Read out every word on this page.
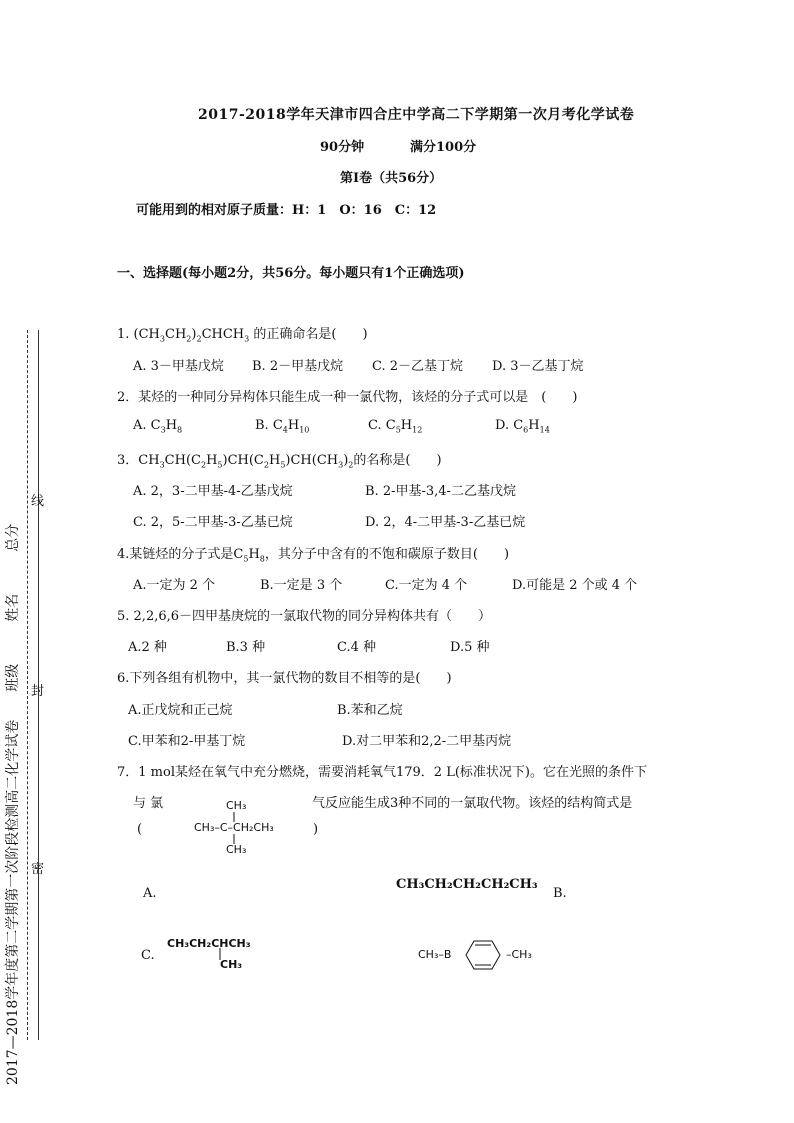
2017-2018学年天津市四合庄中学高二下学期第一次月考化学试卷
90分钟	满分100分
第I卷（共56分）
可能用到的相对原子质量：H：1　O：16　C：12
一、选择题(每小题2分，共56分。每小题只有1个正确选项)
1. $(CH_3CH_2)_2CHCH_3$ 的正确命名是(　　)
A. 3－甲基戊烷 B. 2－甲基戊烷 C. 2－乙基丁烷 D. 3－乙基丁烷
2．某烃的一种同分异构体只能生成一种一氯代物，该烃的分子式可以是　(　　)
A. $C_3H_8$	B. $C_4H_{10}$	C. $C_5H_{12}$	D. $C_6H_{14}$
3．$CH_3CH(C_2H_5)CH(C_2H_5)CH(CH_3)_2$的名称是(　　)
A. 2，3-二甲基-4-乙基戊烷	B. 2-甲基-3,4-二乙基戊烷
C. 2，5-二甲基-3-乙基已烷	D. 2，4-二甲基-3-乙基已烷
4.某链烃的分子式是$C_5H_8$，其分子中含有的不饱和碳原子数目(　　)
A.一定为 2 个	B.一定是 3 个	C.一定为 4 个	D.可能是 2 个或 4 个
5. 2,2,6,6－四甲基庚烷的一氯取代物的同分异构体共有（　　）
A.2 种	B.3 种	C.4 种	D.5 种
6.下列各组有机物中，其一氯代物的数目不相等的是(　　)
A.正戊烷和正己烷	B.苯和乙烷
C.甲苯和2-甲基丁烷	D.对二甲苯和2,2-二甲基丙烷
7．1 mol某烃在氧气中充分燃烧，需要消耗氧气179．2 L(标准状况下)。它在光照的条件下
与 氯	气反应能生成3种不同的一氯取代物。该烃的结构简式是
(	)
CH₃
CH₃–C–CH₂CH₃
CH₃
A.
CH₃CH₂CH₂CH₂CH₃
B.
C.
CH₃CH₂CHCH₃
CH₃
CH₃–B	–CH₃
2017—2018学年度第二学期第一次阶段检测高二化学试卷　　班级　　　姓名　　　总分
线
封
密
